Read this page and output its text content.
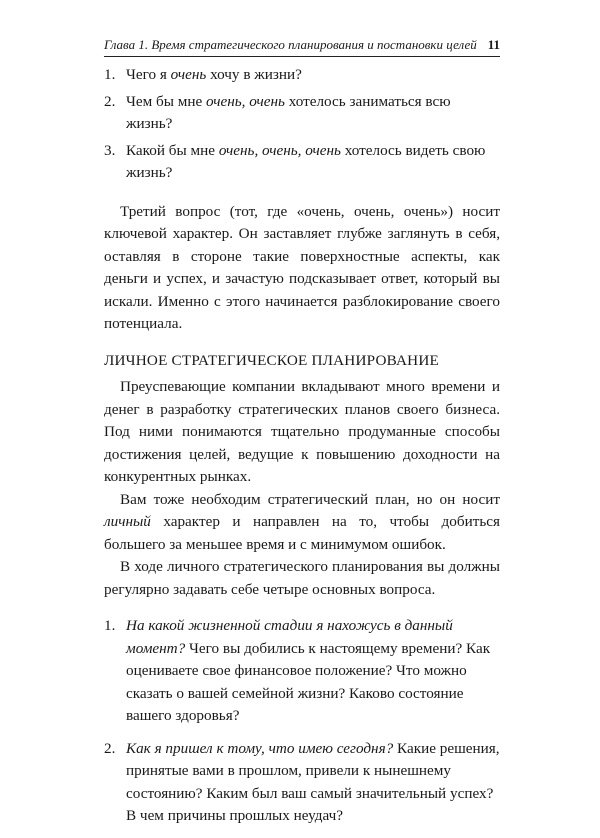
Глава 1. Время стратегического планирования и постановки целей 11
1. Чего я очень хочу в жизни?
2. Чем бы мне очень, очень хотелось заниматься всю жизнь?
3. Какой бы мне очень, очень, очень хотелось видеть свою жизнь?

Третий вопрос (тот, где «очень, очень, очень») носит ключевой характер. Он заставляет глубже заглянуть в себя, оставляя в стороне такие поверхностные аспекты, как деньги и успех, и зачастую подсказывает ответ, который вы искали. Именно с этого начинается разблокирование своего потенциала.

ЛИЧНОЕ СТРАТЕГИЧЕСКОЕ ПЛАНИРОВАНИЕ

Преуспевающие компании вкладывают много времени и денег в разработку стратегических планов своего бизнеса. Под ними понимаются тщательно продуманные способы достижения целей, ведущие к повышению доходности на конкурентных рынках.

Вам тоже необходим стратегический план, но он носит личный характер и направлен на то, чтобы добиться большего за меньшее время и с минимумом ошибок.

В ходе личного стратегического планирования вы должны регулярно задавать себе четыре основных вопроса.

1. На какой жизненной стадии я нахожусь в данный момент? Чего вы добились к настоящему времени? Как оцениваете свое финансовое положение? Что можно сказать о вашей семейной жизни? Каково состояние вашего здоровья?
2. Как я пришел к тому, что имею сегодня? Какие решения, принятые вами в прошлом, привели к нынешнему состоянию? Каким был ваш самый значительный успех? В чем причины прошлых неудач?
